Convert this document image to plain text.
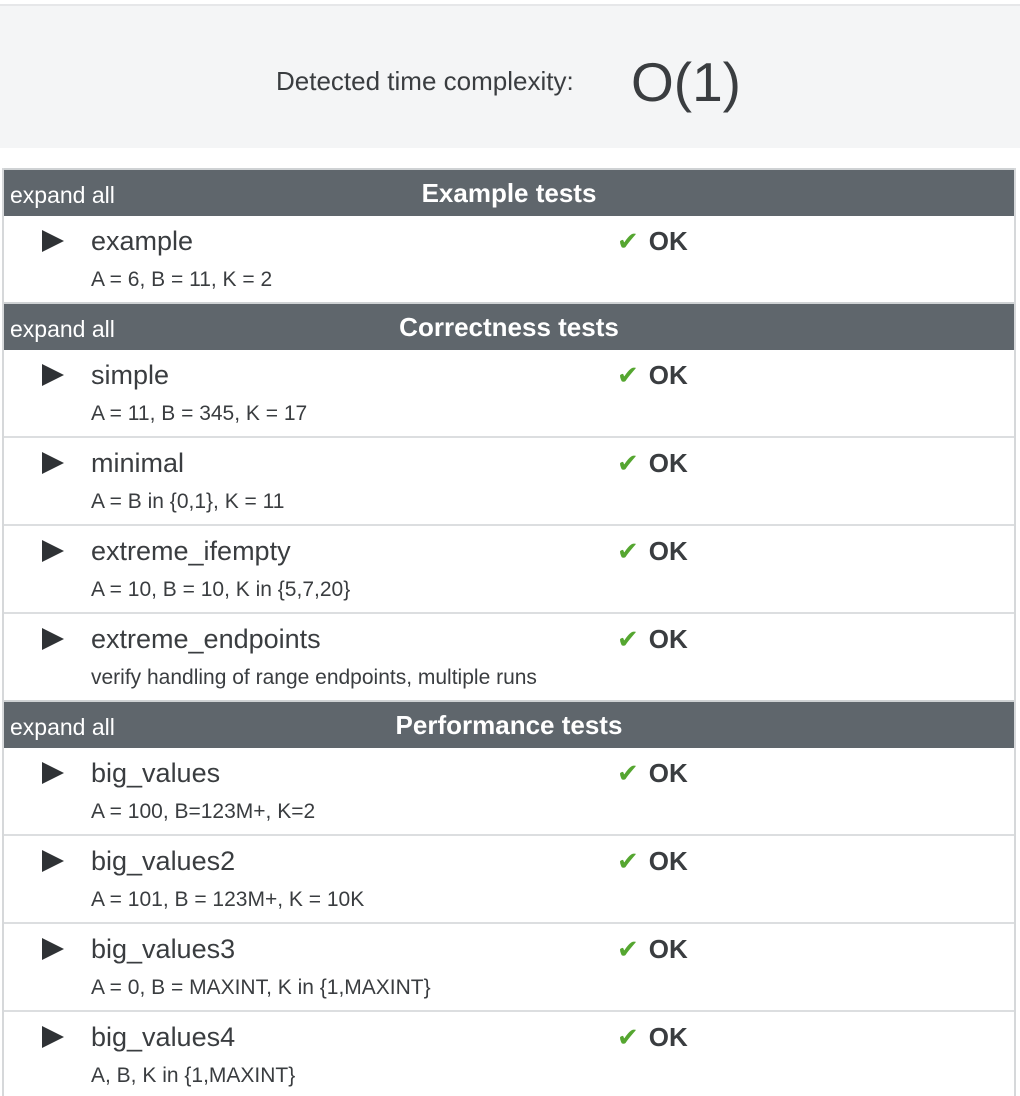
Detected time complexity: O(1)
expand all	Example tests
example	✔ OK
A = 6, B = 11, K = 2
expand all	Correctness tests
simple	✔ OK
A = 11, B = 345, K = 17
minimal	✔ OK
A = B in {0,1}, K = 11
extreme_ifempty	✔ OK
A = 10, B = 10, K in {5,7,20}
extreme_endpoints	✔ OK
verify handling of range endpoints, multiple runs
expand all	Performance tests
big_values	✔ OK
A = 100, B=123M+, K=2
big_values2	✔ OK
A = 101, B = 123M+, K = 10K
big_values3	✔ OK
A = 0, B = MAXINT, K in {1,MAXINT}
big_values4	✔ OK
A, B, K in {1,MAXINT}
